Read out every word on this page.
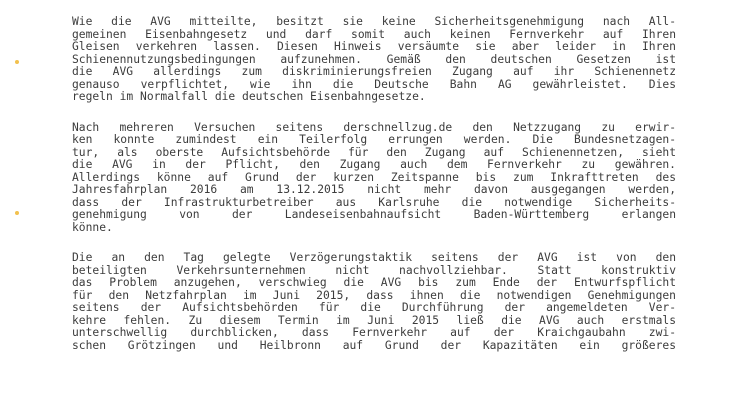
Wie die AVG mitteilte, besitzt sie keine Sicherheitsgenehmigung nach All-
gemeinen Eisenbahngesetz und darf somit auch keinen Fernverkehr auf Ihren
Gleisen verkehren lassen. Diesen Hinweis versäumte sie aber leider in Ihren
Schienennutzungsbedingungen aufzunehmen. Gemäß den deutschen Gesetzen ist
die AVG allerdings zum diskriminierungsfreien Zugang auf ihr Schienennetz
genauso verpflichtet, wie ihn die Deutsche Bahn AG gewährleistet. Dies
regeln im Normalfall die deutschen Eisenbahngesetze.
Nach mehreren Versuchen seitens derschnellzug.de den Netzzugang zu erwir-
ken konnte zumindest ein Teilerfolg errungen werden. Die Bundesnetzagen-
tur, als oberste Aufsichtsbehörde für den Zugang auf Schienennetzen, sieht
die AVG in der Pflicht, den Zugang auch dem Fernverkehr zu gewähren.
Allerdings könne auf Grund der kurzen Zeitspanne bis zum Inkrafttreten des
Jahresfahrplan 2016 am 13.12.2015 nicht mehr davon ausgegangen werden,
dass der Infrastrukturbetreiber aus Karlsruhe die notwendige Sicherheits-
genehmigung von der Landeseisenbahnaufsicht Baden-Württemberg erlangen
könne.
Die an den Tag gelegte Verzögerungstaktik seitens der AVG ist von den
beteiligten Verkehrsunternehmen nicht nachvollziehbar. Statt konstruktiv
das Problem anzugehen, verschwieg die AVG bis zum Ende der Entwurfspflicht
für den Netzfahrplan im Juni 2015, dass ihnen die notwendigen Genehmigungen
seitens der Aufsichtsbehörden für die Durchführung der angemeldeten Ver-
kehre fehlen. Zu diesem Termin im Juni 2015 ließ die AVG auch erstmals
unterschwellig durchblicken, dass Fernverkehr auf der Kraichgaubahn zwi-
schen Grötzingen und Heilbronn auf Grund der Kapazitäten ein größeres
